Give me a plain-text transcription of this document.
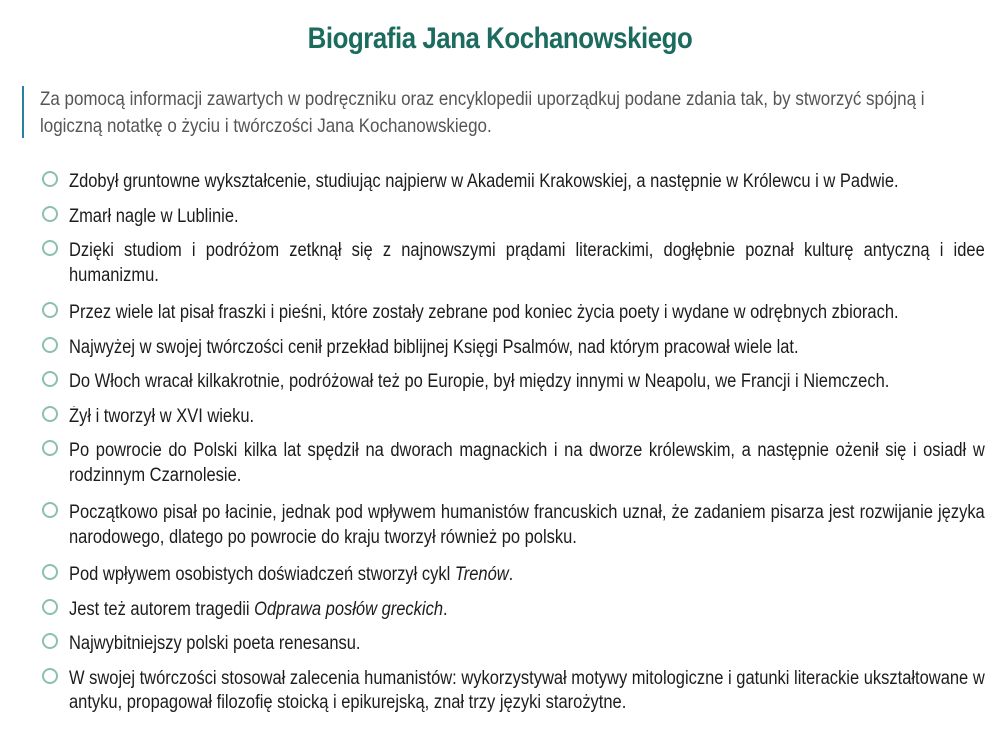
Biografia Jana Kochanowskiego
Za pomocą informacji zawartych w podręczniku oraz encyklopedii uporządkuj podane zdania tak, by stworzyć spójną i logiczną notatkę o życiu i twórczości Jana Kochanowskiego.
Zdobył gruntowne wykształcenie, studiując najpierw w Akademii Krakowskiej, a następnie w Królewcu i w Padwie.
Zmarł nagle w Lublinie.
Dzięki studiom i podróżom zetknął się z najnowszymi prądami literackimi, dogłębnie poznał kulturę antyczną i idee humanizmu.
Przez wiele lat pisał fraszki i pieśni, które zostały zebrane pod koniec życia poety i wydane w odrębnych zbiorach.
Najwyżej w swojej twórczości cenił przekład biblijnej Księgi Psalmów, nad którym pracował wiele lat.
Do Włoch wracał kilkakrotnie, podróżował też po Europie, był między innymi w Neapolu, we Francji i Niemczech.
Żył i tworzył w XVI wieku.
Po powrocie do Polski kilka lat spędził na dworach magnackich i na dworze królewskim, a następnie ożenił się i osiadł w rodzinnym Czarnolesie.
Początkowo pisał po łacinie, jednak pod wpływem humanistów francuskich uznał, że zadaniem pisarza jest rozwijanie języka narodowego, dlatego po powrocie do kraju tworzył również po polsku.
Pod wpływem osobistych doświadczeń stworzył cykl Trenów.
Jest też autorem tragedii Odprawa posłów greckich.
Najwybitniejszy polski poeta renesansu.
W swojej twórczości stosował zalecenia humanistów: wykorzystywał motywy mitologiczne i gatunki literackie ukształtowane w antyku, propagował filozofię stoicką i epikurejską, znał trzy języki starożytne.
